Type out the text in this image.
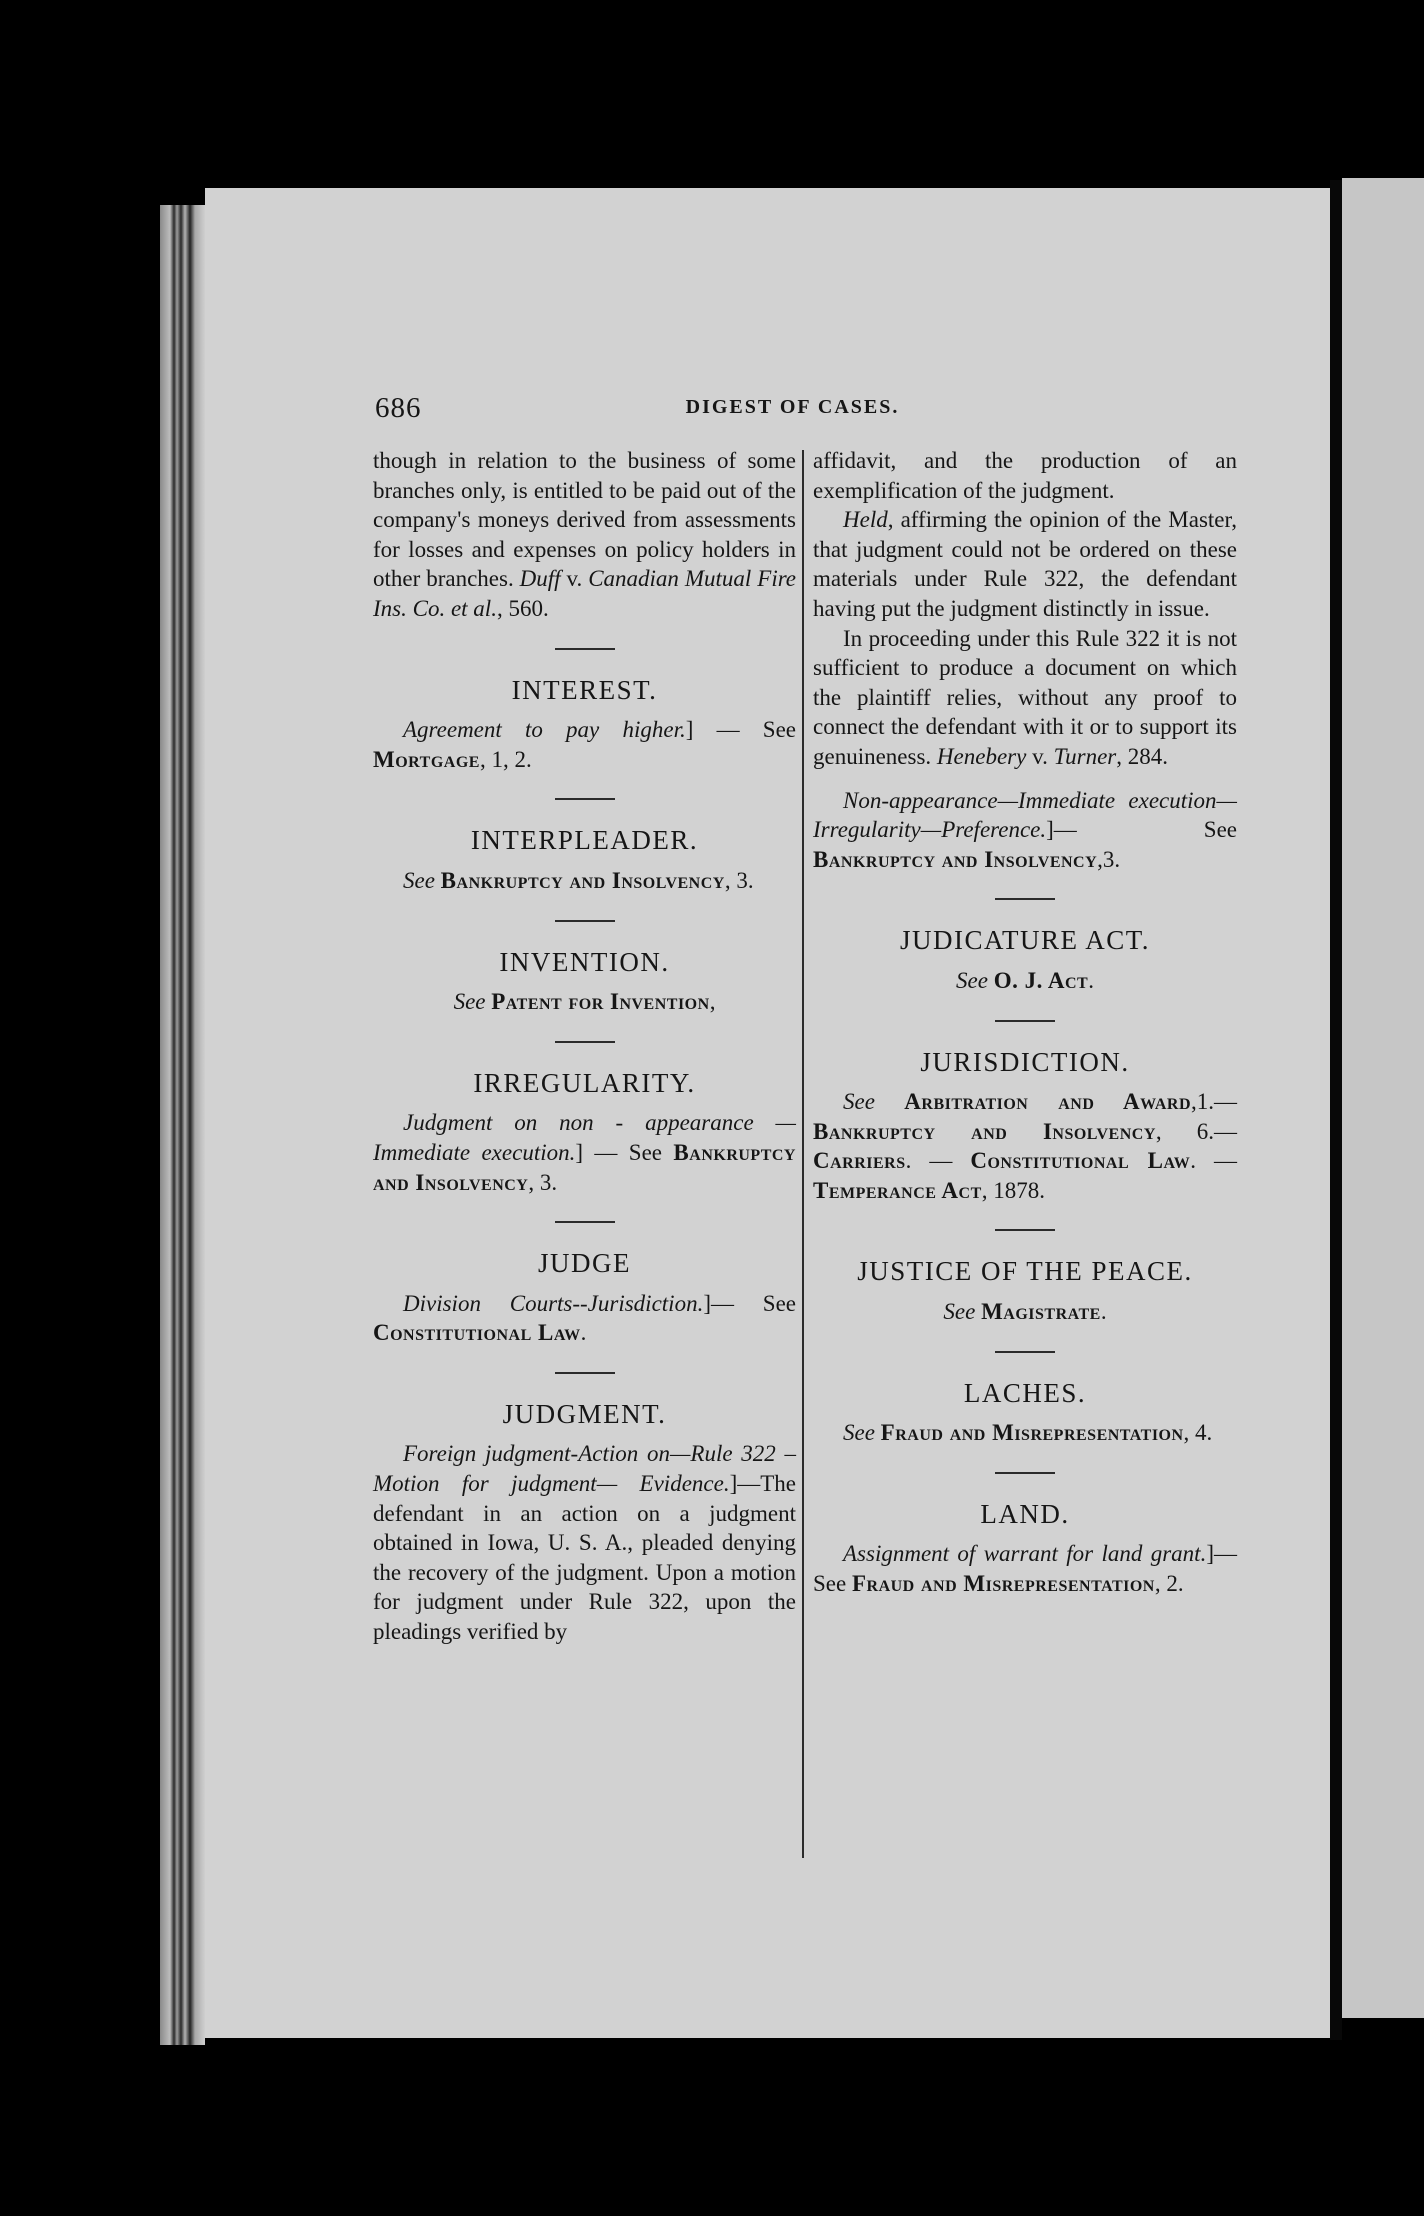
686	DIGEST OF CASES.

though in relation to the business of some branches only, is entitled to be paid out of the company's moneys derived from assessments for losses and expenses on policy holders in other branches. Duff v. Canadian Mutual Fire Ins. Co. et al., 560.

INTEREST.

Agreement to pay higher.] — See Mortgage, 1, 2.

INTERPLEADER.

See Bankruptcy and Insolvency, 3.

INVENTION.

See Patent for Invention,

IRREGULARITY.

Judgment on non - appearance — Immediate execution.] — See Bankruptcy and Insolvency, 3.

JUDGE

Division Courts--Jurisdiction.]— See Constitutional Law.

JUDGMENT.

Foreign judgment-Action on—Rule 322 – Motion for judgment— Evidence.]—The defendant in an action on a judgment obtained in Iowa, U. S. A., pleaded denying the recovery of the judgment. Upon a motion for judgment under Rule 322, upon the pleadings verified by

affidavit, and the production of an exemplification of the judgment.

Held, affirming the opinion of the Master, that judgment could not be ordered on these materials under Rule 322, the defendant having put the judgment distinctly in issue.

In proceeding under this Rule 322 it is not sufficient to produce a document on which the plaintiff relies, without any proof to connect the defendant with it or to support its genuineness. Henebery v. Turner, 284.

Non-appearance—Immediate execution—Irregularity—Preference.]— See Bankruptcy and Insolvency,3.

JUDICATURE ACT.

See O. J. Act.

JURISDICTION.

See Arbitration and Award,1.— Bankruptcy and Insolvency, 6.— Carriers. — Constitutional Law. —Temperance Act, 1878.

JUSTICE OF THE PEACE.

See Magistrate.

LACHES.

See Fraud and Misrepresentation, 4.

LAND.

Assignment of warrant for land grant.]—See Fraud and Misrepresentation, 2.
